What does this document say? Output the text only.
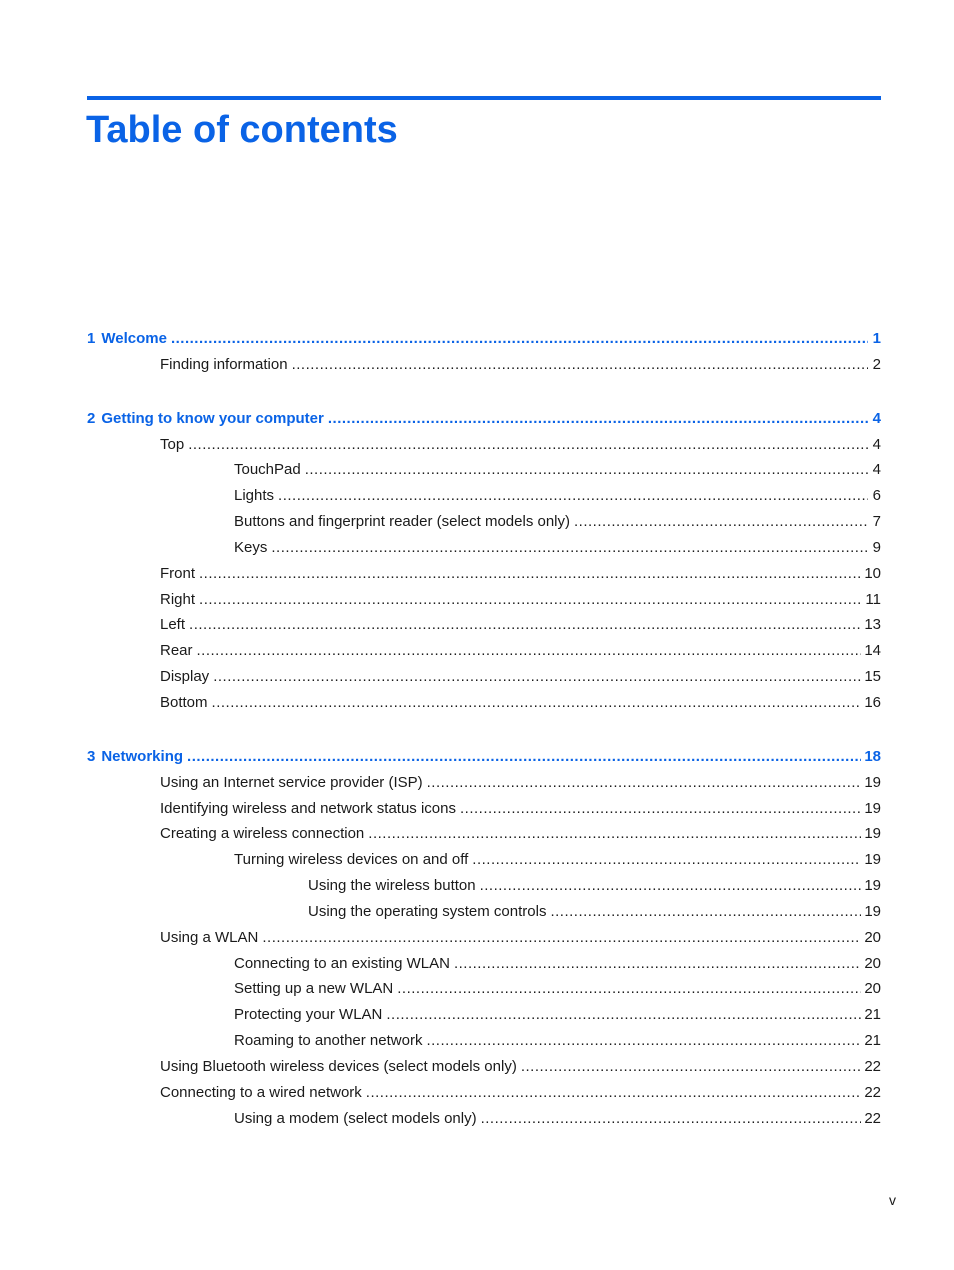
Table of contents
1 Welcome .....	1
Finding information .....	2
2 Getting to know your computer .....	4
Top .....	4
TouchPad .....	4
Lights .....	6
Buttons and fingerprint reader (select models only) .....	7
Keys .....	9
Front .....	10
Right .....	11
Left .....	13
Rear .....	14
Display .....	15
Bottom .....	16
3 Networking .....	18
Using an Internet service provider (ISP) .....	19
Identifying wireless and network status icons .....	19
Creating a wireless connection .....	19
Turning wireless devices on and off .....	19
Using the wireless button .....	19
Using the operating system controls .....	19
Using a WLAN .....	20
Connecting to an existing WLAN .....	20
Setting up a new WLAN .....	20
Protecting your WLAN .....	21
Roaming to another network .....	21
Using Bluetooth wireless devices (select models only) .....	22
Connecting to a wired network .....	22
Using a modem (select models only) .....	22
v
